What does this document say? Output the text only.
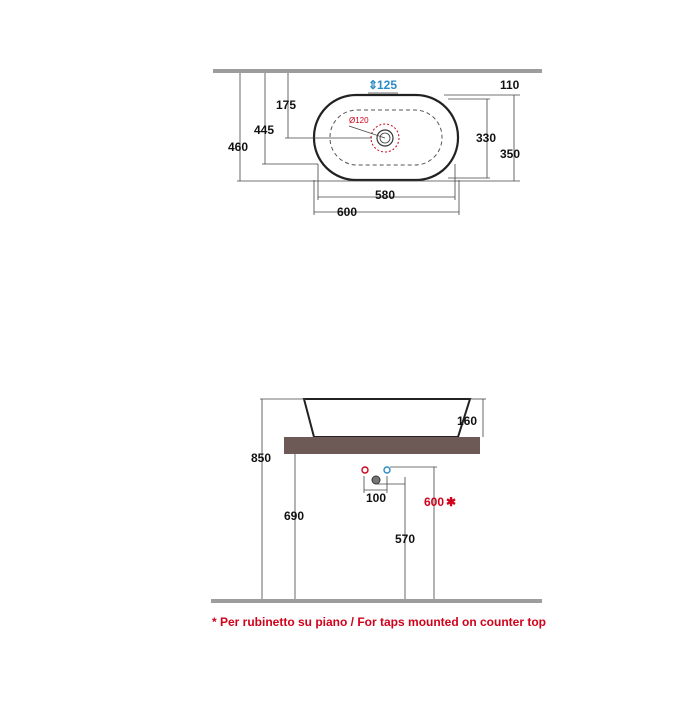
Ø120
460
445
175
⇕
125	110
330
350
580
600
850
690
160
100
570
600 ✱
* Per rubinetto su piano / For taps mounted on counter top
